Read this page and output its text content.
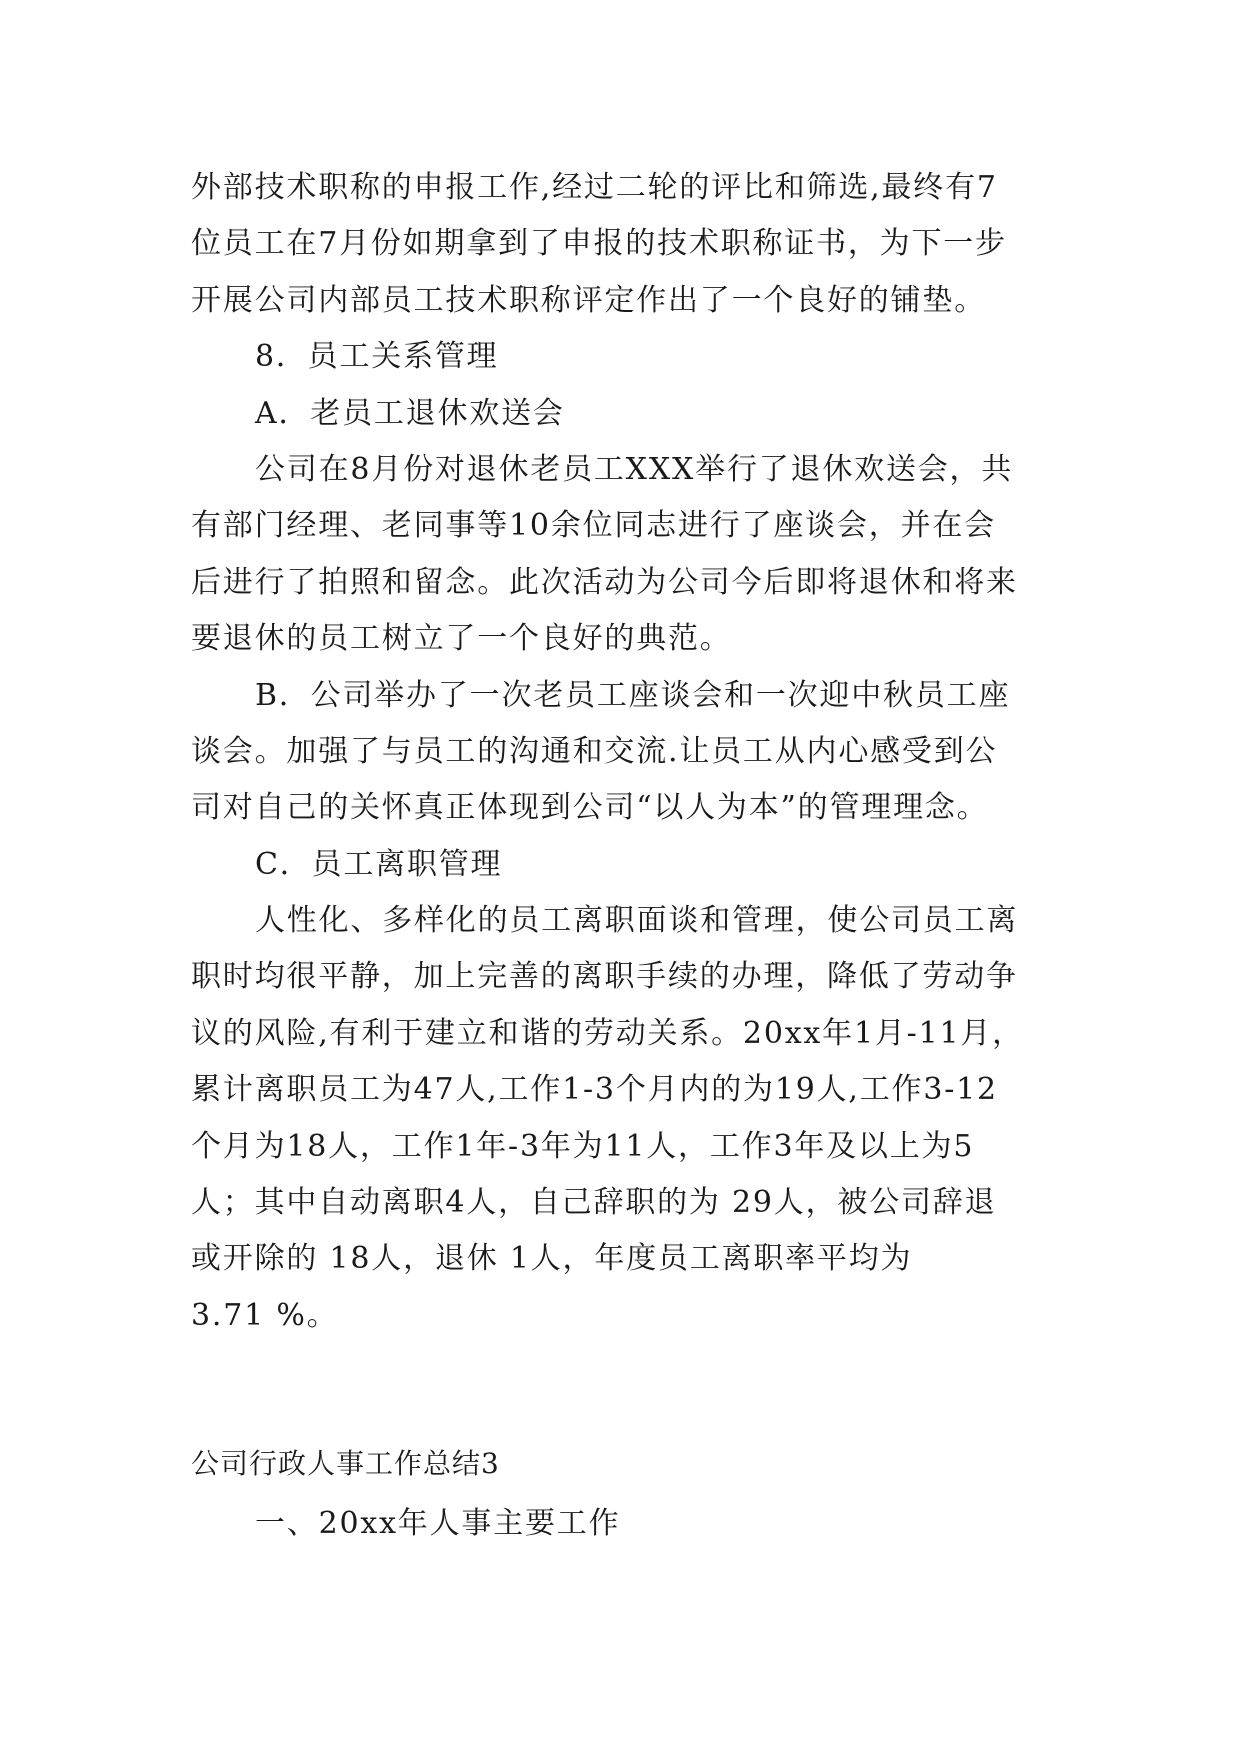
外部技术职称的申报工作,经过二轮的评比和筛选,最终有7
位员工在7月份如期拿到了申报的技术职称证书，为下一步
开展公司内部员工技术职称评定作出了一个良好的铺垫。
8．员工关系管理
A．老员工退休欢送会
公司在8月份对退休老员工XXX举行了退休欢送会，共
有部门经理、老同事等10余位同志进行了座谈会，并在会
后进行了拍照和留念。此次活动为公司今后即将退休和将来
要退休的员工树立了一个良好的典范。
B．公司举办了一次老员工座谈会和一次迎中秋员工座
谈会。加强了与员工的沟通和交流.让员工从内心感受到公
司对自己的关怀真正体现到公司“以人为本”的管理理念。
C．员工离职管理
人性化、多样化的员工离职面谈和管理，使公司员工离
职时均很平静，加上完善的离职手续的办理，降低了劳动争
议的风险,有利于建立和谐的劳动关系。20xx年1月-11月，
累计离职员工为47人,工作1-3个月内的为19人,工作3-12
个月为18人，工作1年-3年为11人，工作3年及以上为5
人；其中自动离职4人，自己辞职的为 29人，被公司辞退
或开除的 18人，退休 1人，年度员工离职率平均为
3.71 %。
公司行政人事工作总结3
一、20xx年人事主要工作
